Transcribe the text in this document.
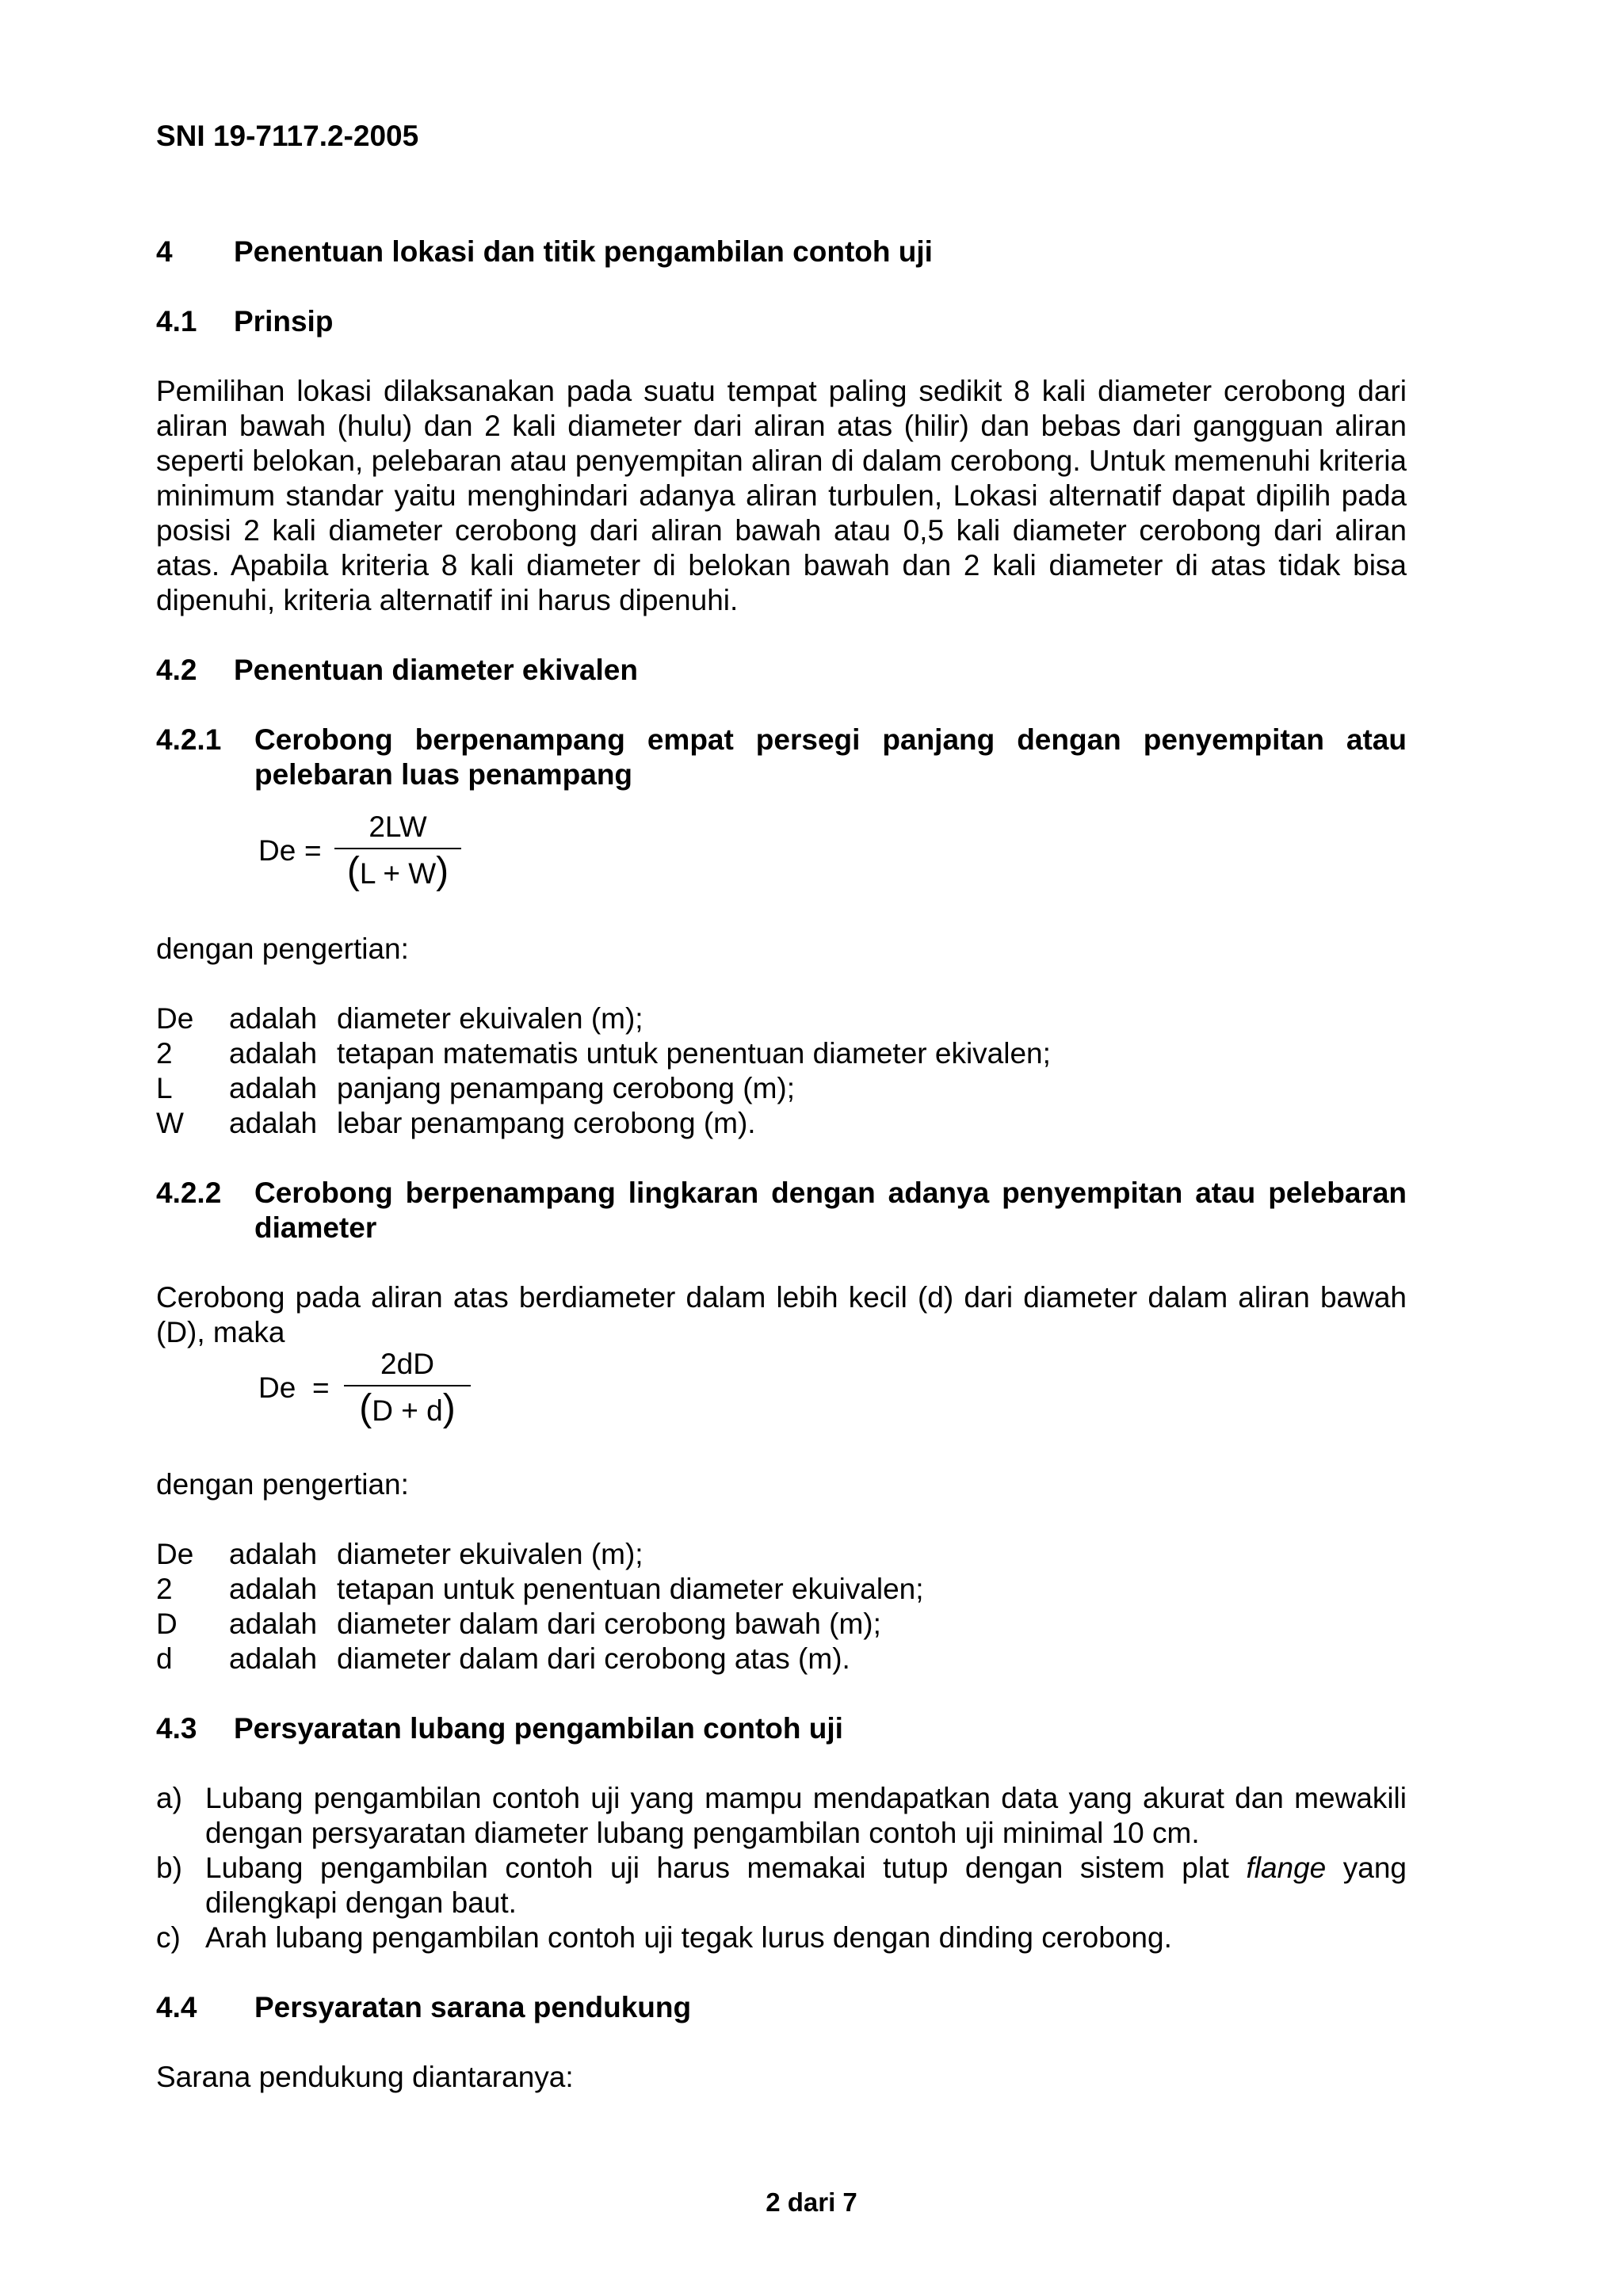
SNI 19-7117.2-2005
4 Penentuan lokasi dan titik pengambilan contoh uji
4.1 Prinsip

Pemilihan lokasi dilaksanakan pada suatu tempat paling sedikit 8 kali diameter cerobong dari aliran bawah (hulu) dan 2 kali diameter dari aliran atas (hilir) dan bebas dari gangguan aliran seperti belokan, pelebaran atau penyempitan aliran di dalam cerobong. Untuk memenuhi kriteria minimum standar yaitu menghindari adanya aliran turbulen, Lokasi alternatif dapat dipilih pada posisi 2 kali diameter cerobong dari aliran bawah atau 0,5 kali diameter cerobong dari aliran atas. Apabila kriteria 8 kali diameter di belokan bawah dan 2 kali diameter di atas tidak bisa dipenuhi, kriteria alternatif ini harus dipenuhi.

4.2 Penentuan diameter ekivalen
4.2.1 Cerobong berpenampang empat persegi panjang dengan penyempitan atau pelebaran luas penampang
De =
2LW
(L + W)
dengan pengertian:
De adalah diameter ekuivalen (m);
2 adalah tetapan matematis untuk penentuan diameter ekivalen;
L adalah panjang penampang cerobong (m);
W adalah lebar penampang cerobong (m).
4.2.2 Cerobong berpenampang lingkaran dengan adanya penyempitan atau pelebaran diameter

Cerobong pada aliran atas berdiameter dalam lebih kecil (d) dari diameter dalam aliran bawah (D), maka

De =
2dD
(D + d)
dengan pengertian:
De adalah diameter ekuivalen (m);
2 adalah tetapan untuk penentuan diameter ekuivalen;
D adalah diameter dalam dari cerobong bawah (m);
d adalah diameter dalam dari cerobong atas (m).
4.3 Persyaratan lubang pengambilan contoh uji
a) Lubang pengambilan contoh uji yang mampu mendapatkan data yang akurat dan mewakili dengan persyaratan diameter lubang pengambilan contoh uji minimal 10 cm.
b) Lubang pengambilan contoh uji harus memakai tutup dengan sistem plat flange yang dilengkapi dengan baut.
c) Arah lubang pengambilan contoh uji tegak lurus dengan dinding cerobong.
4.4 Persyaratan sarana pendukung
Sarana pendukung diantaranya:
2 dari 7
